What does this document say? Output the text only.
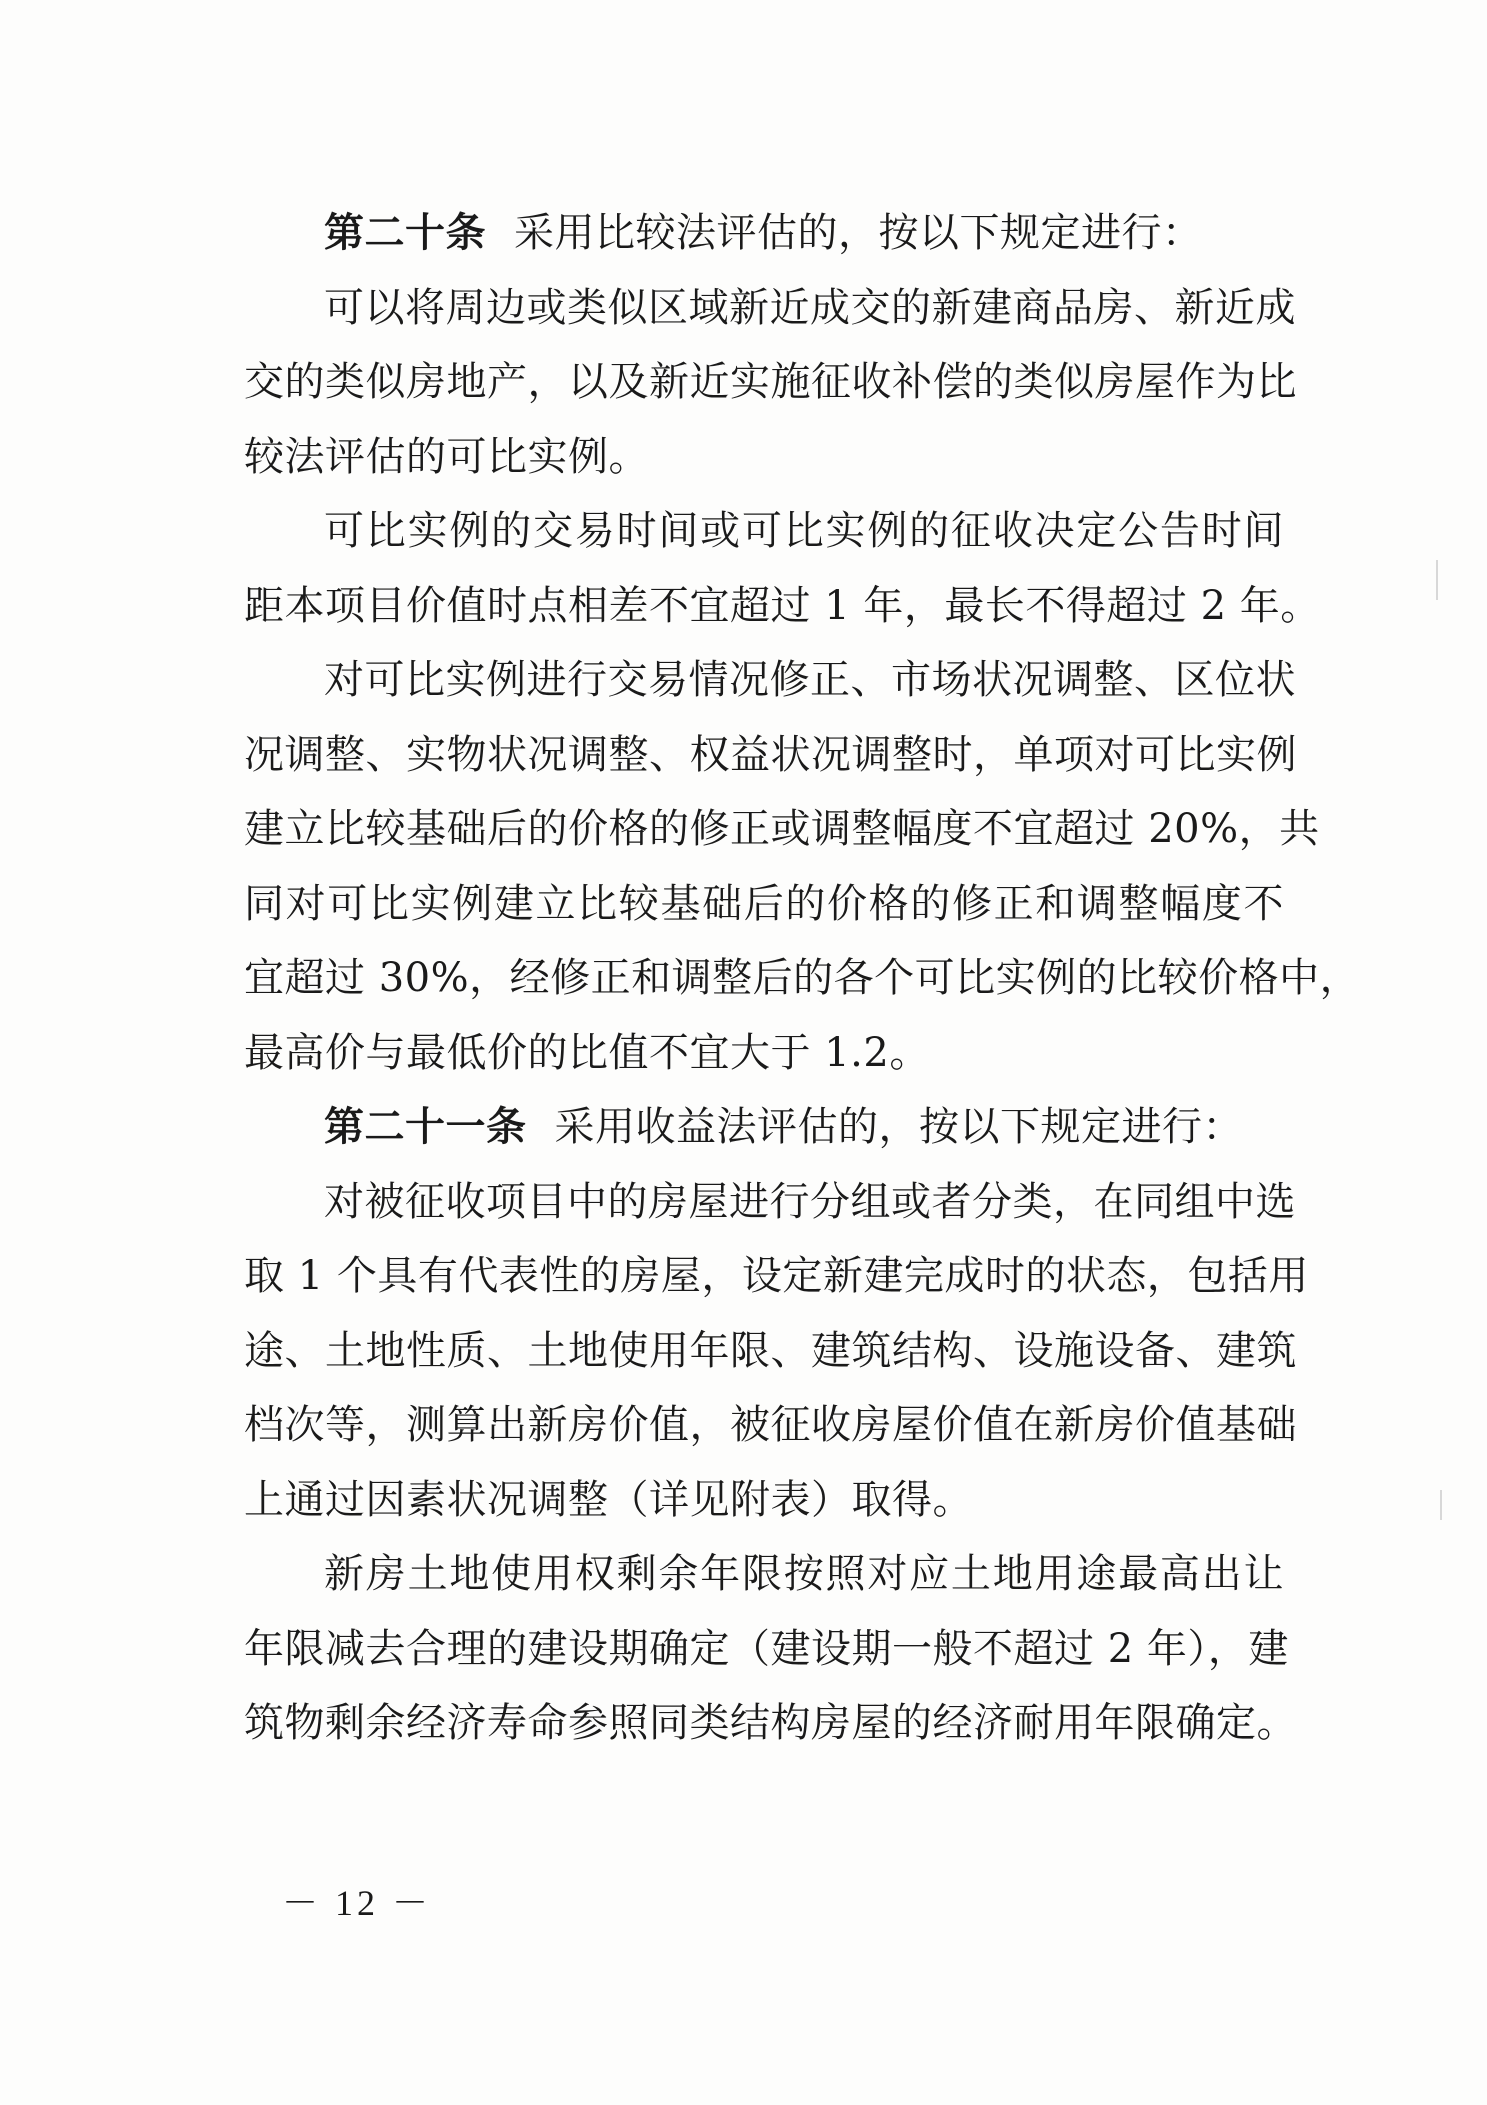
第二十条 采用比较法评估的，按以下规定进行：
可以将周边或类似区域新近成交的新建商品房、新近成
交的类似房地产，以及新近实施征收补偿的类似房屋作为比
较法评估的可比实例。
可比实例的交易时间或可比实例的征收决定公告时间
距本项目价值时点相差不宜超过 1 年，最长不得超过 2 年。
对可比实例进行交易情况修正、市场状况调整、区位状
况调整、实物状况调整、权益状况调整时，单项对可比实例
建立比较基础后的价格的修正或调整幅度不宜超过 20%，共
同对可比实例建立比较基础后的价格的修正和调整幅度不
宜超过 30%，经修正和调整后的各个可比实例的比较价格中，
最高价与最低价的比值不宜大于 1.2。
第二十一条 采用收益法评估的，按以下规定进行：
对被征收项目中的房屋进行分组或者分类，在同组中选
取 1 个具有代表性的房屋，设定新建完成时的状态，包括用
途、土地性质、土地使用年限、建筑结构、设施设备、建筑
档次等，测算出新房价值，被征收房屋价值在新房价值基础
上通过因素状况调整（详见附表）取得。
新房土地使用权剩余年限按照对应土地用途最高出让
年限减去合理的建设期确定（建设期一般不超过 2 年），建
筑物剩余经济寿命参照同类结构房屋的经济耐用年限确定。
－ 12 －
